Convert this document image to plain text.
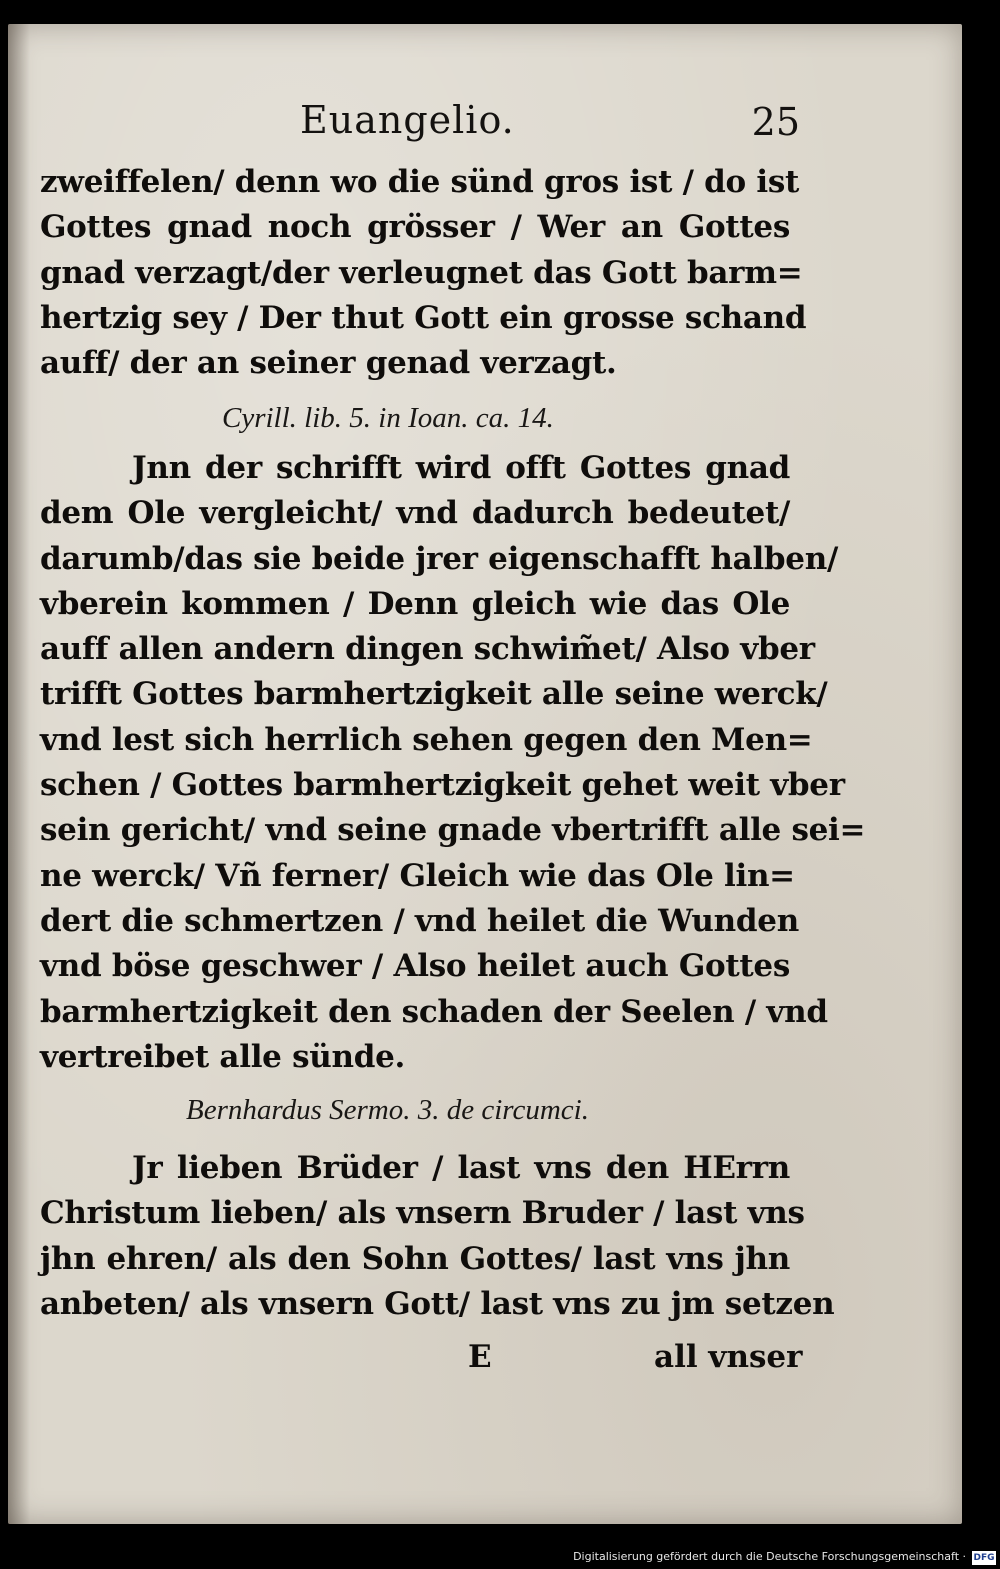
Euangelio.	25
zweiffelen/ denn wo die sünd gros ist / do ist
Gottes gnad noch grösser / Wer an Gottes
gnad verzagt/der verleugnet das Gott barm=
hertzig sey / Der thut Gott ein grosse schand
auff/ der an seiner genad verzagt.
Cyrill. lib. 5. in Ioan. ca. 14.
Jnn der schrifft wird offt Gottes gnad
dem Ole vergleicht/ vnd dadurch bedeutet/
darumb/das sie beide jrer eigenschafft halben/
vberein kommen / Denn gleich wie das Ole
auff allen andern dingen schwim̃et/ Also vber
trifft Gottes barmhertzigkeit alle seine werck/
vnd lest sich herrlich sehen gegen den Men=
schen / Gottes barmhertzigkeit gehet weit vber
sein gericht/ vnd seine gnade vbertrifft alle sei=
ne werck/ Vñ ferner/ Gleich wie das Ole lin=
dert die schmertzen / vnd heilet die Wunden
vnd böse geschwer / Also heilet auch Gottes
barmhertzigkeit den schaden der Seelen / vnd
vertreibet alle sünde.
Bernhardus Sermo. 3. de circumci.
Jr lieben Brüder / last vns den HErrn
Christum lieben/ als vnsern Bruder / last vns
jhn ehren/ als den Sohn Gottes/ last vns jhn
anbeten/ als vnsern Gott/ last vns zu jm setzen
E	all vnser
Digitalisierung gefördert durch die Deutsche Forschungsgemeinschaft · DFG
